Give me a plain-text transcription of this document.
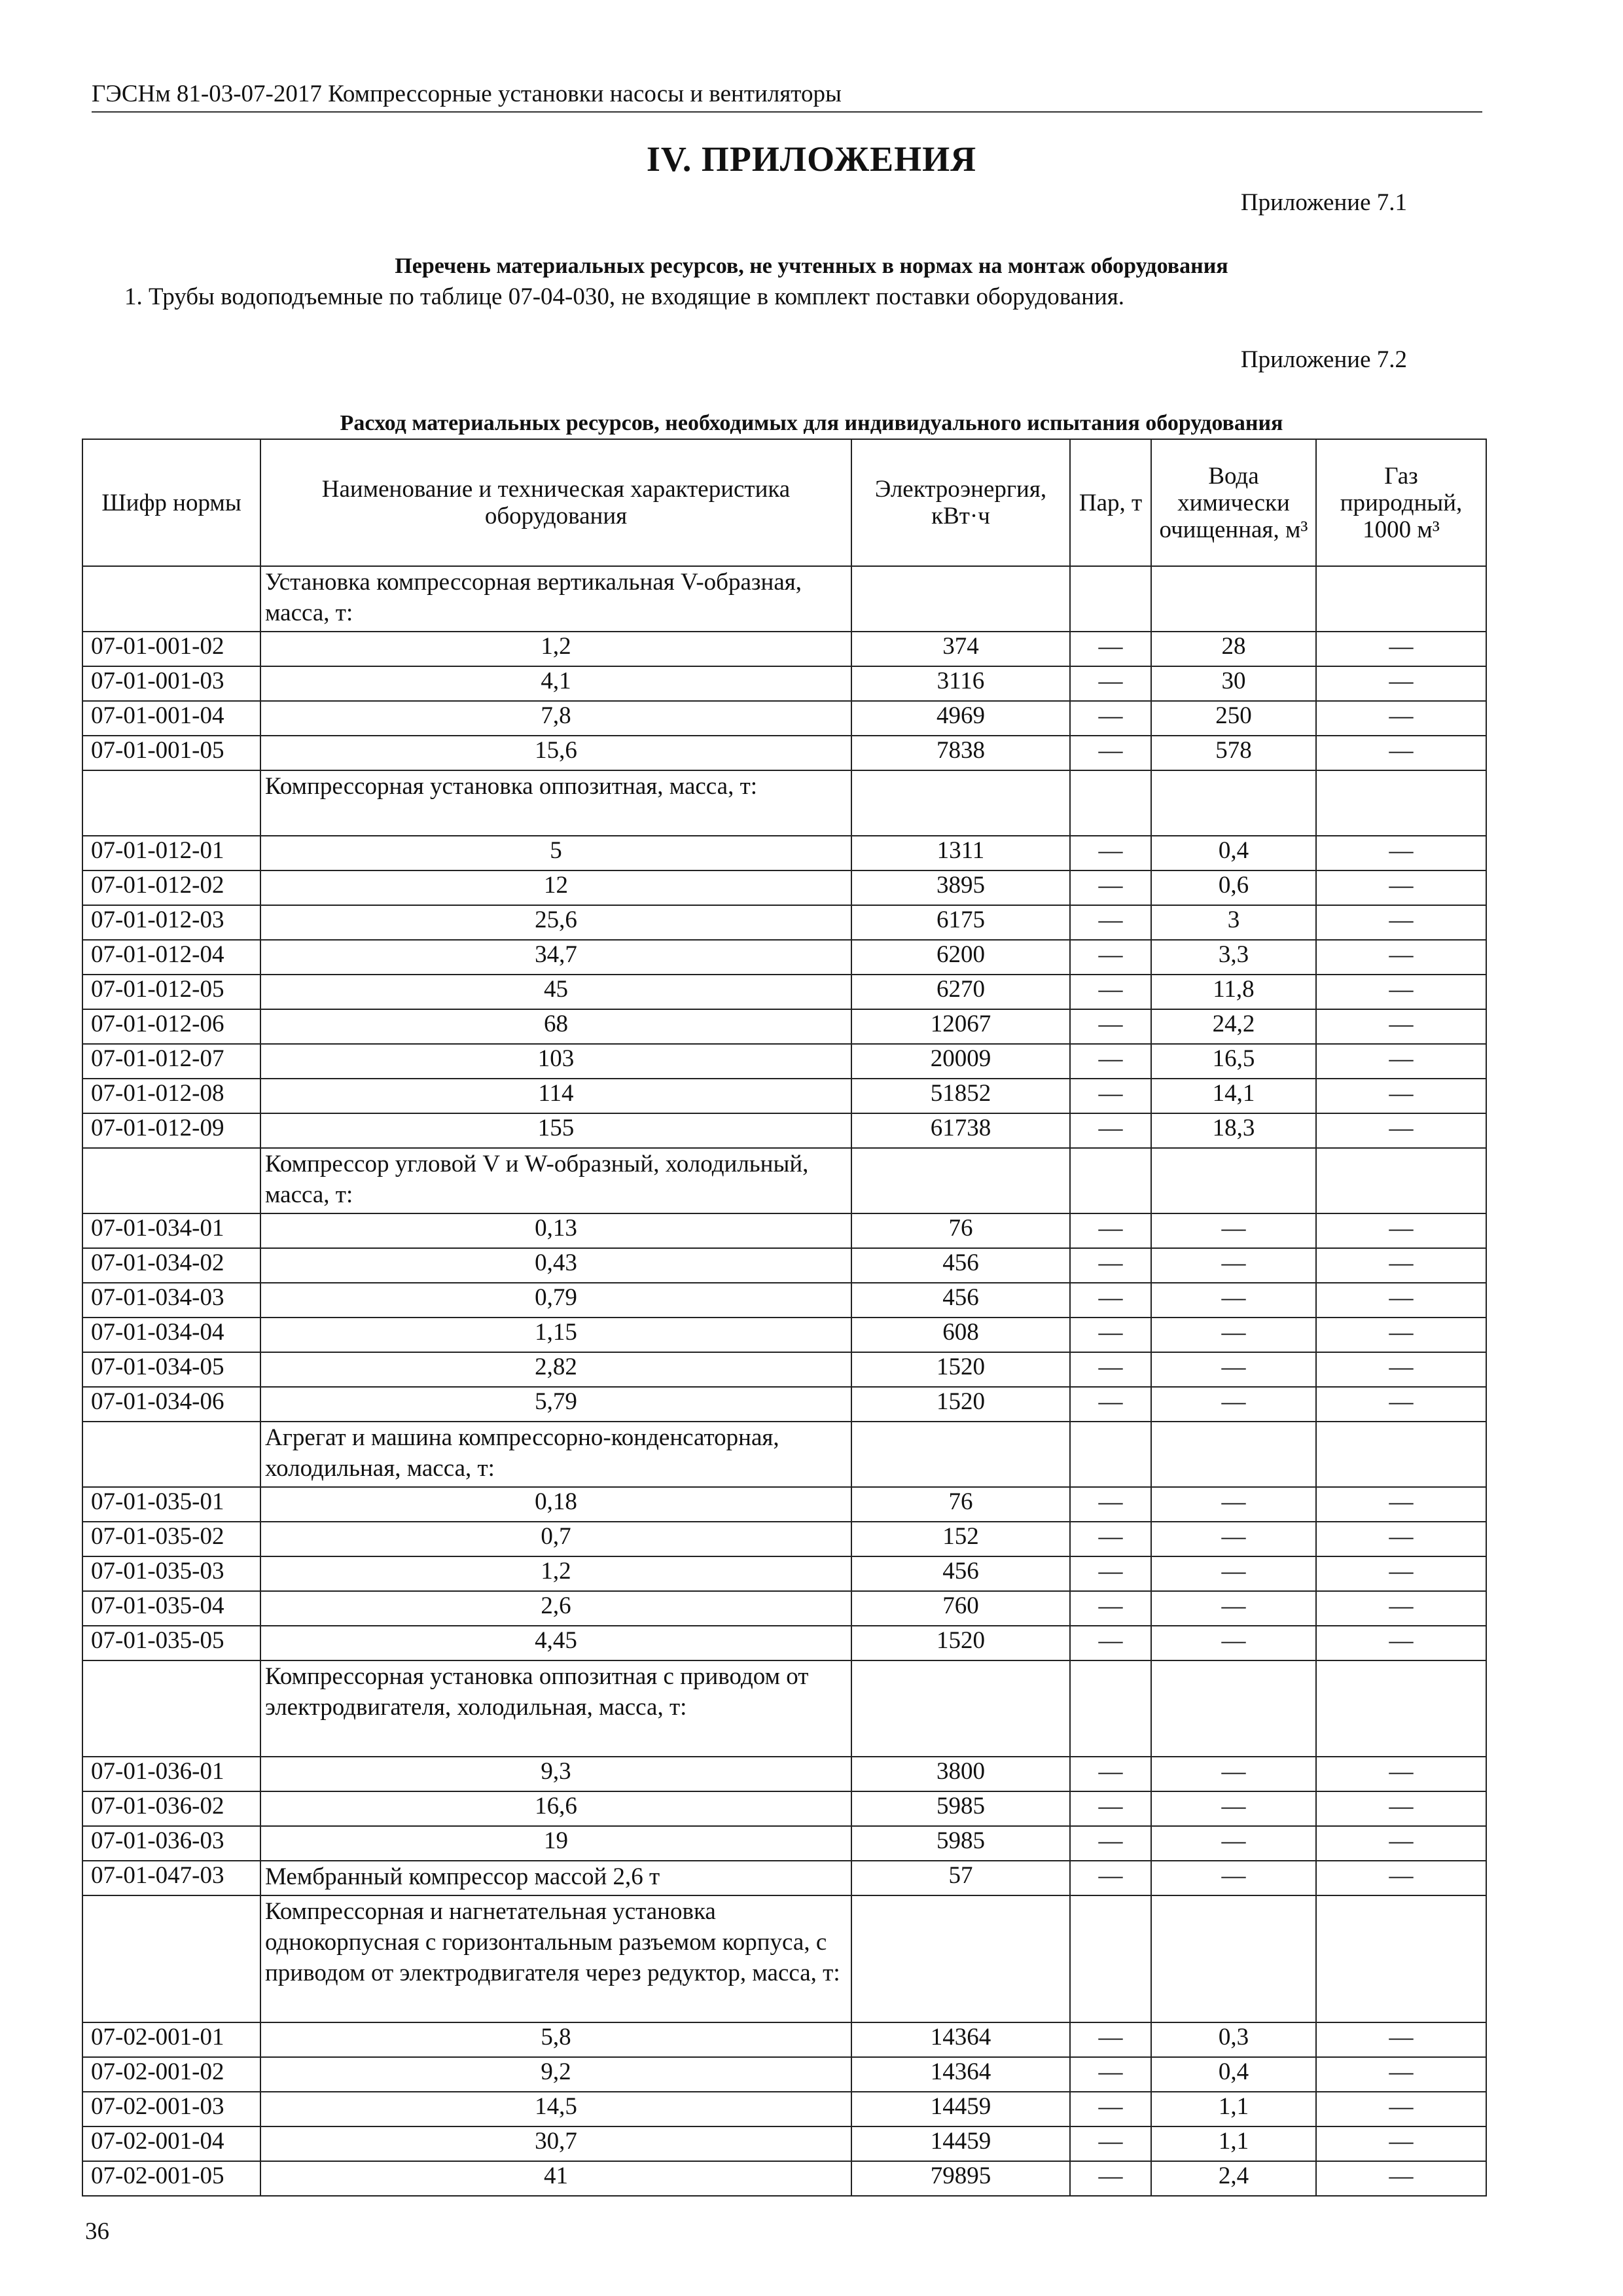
ГЭСНм 81-03-07-2017 Компрессорные установки насосы и вентиляторы
IV. ПРИЛОЖЕНИЯ
Приложение 7.1
Перечень материальных ресурсов, не учтенных в нормах на монтаж оборудования
1. Трубы водоподъемные по таблице 07-04-030, не входящие в комплект поставки оборудования.
Приложение 7.2
Расход материальных ресурсов, необходимых для индивидуального испытания оборудования
Шифр нормы	Наименование и техническая характеристика оборудования	Электроэнергия, кВт·ч	Пар, т	Вода химически очищенная, м³	Газ природный, 1000 м³
	Установка компрессорная вертикальная V-образная, масса, т:				
07-01-001-02	1,2	374	—	28	—
07-01-001-03	4,1	3116	—	30	—
07-01-001-04	7,8	4969	—	250	—
07-01-001-05	15,6	7838	—	578	—
	Компрессорная установка оппозитная, масса, т:				
07-01-012-01	5	1311	—	0,4	—
07-01-012-02	12	3895	—	0,6	—
07-01-012-03	25,6	6175	—	3	—
07-01-012-04	34,7	6200	—	3,3	—
07-01-012-05	45	6270	—	11,8	—
07-01-012-06	68	12067	—	24,2	—
07-01-012-07	103	20009	—	16,5	—
07-01-012-08	114	51852	—	14,1	—
07-01-012-09	155	61738	—	18,3	—
	Компрессор угловой V и W-образный, холодильный, масса, т:				
07-01-034-01	0,13	76	—	—	—
07-01-034-02	0,43	456	—	—	—
07-01-034-03	0,79	456	—	—	—
07-01-034-04	1,15	608	—	—	—
07-01-034-05	2,82	1520	—	—	—
07-01-034-06	5,79	1520	—	—	—
	Агрегат и машина компрессорно-конденсаторная, холодильная, масса, т:				
07-01-035-01	0,18	76	—	—	—
07-01-035-02	0,7	152	—	—	—
07-01-035-03	1,2	456	—	—	—
07-01-035-04	2,6	760	—	—	—
07-01-035-05	4,45	1520	—	—	—
	Компрессорная установка оппозитная с приводом от электродвигателя, холодильная, масса, т:				
07-01-036-01	9,3	3800	—	—	—
07-01-036-02	16,6	5985	—	—	—
07-01-036-03	19	5985	—	—	—
07-01-047-03	Мембранный компрессор массой 2,6 т	57	—	—	—
	Компрессорная и нагнетательная установка однокорпусная с горизонтальным разъемом корпуса, с приводом от электродвигателя через редуктор, масса, т:				
07-02-001-01	5,8	14364	—	0,3	—
07-02-001-02	9,2	14364	—	0,4	—
07-02-001-03	14,5	14459	—	1,1	—
07-02-001-04	30,7	14459	—	1,1	—
07-02-001-05	41	79895	—	2,4	—
36
